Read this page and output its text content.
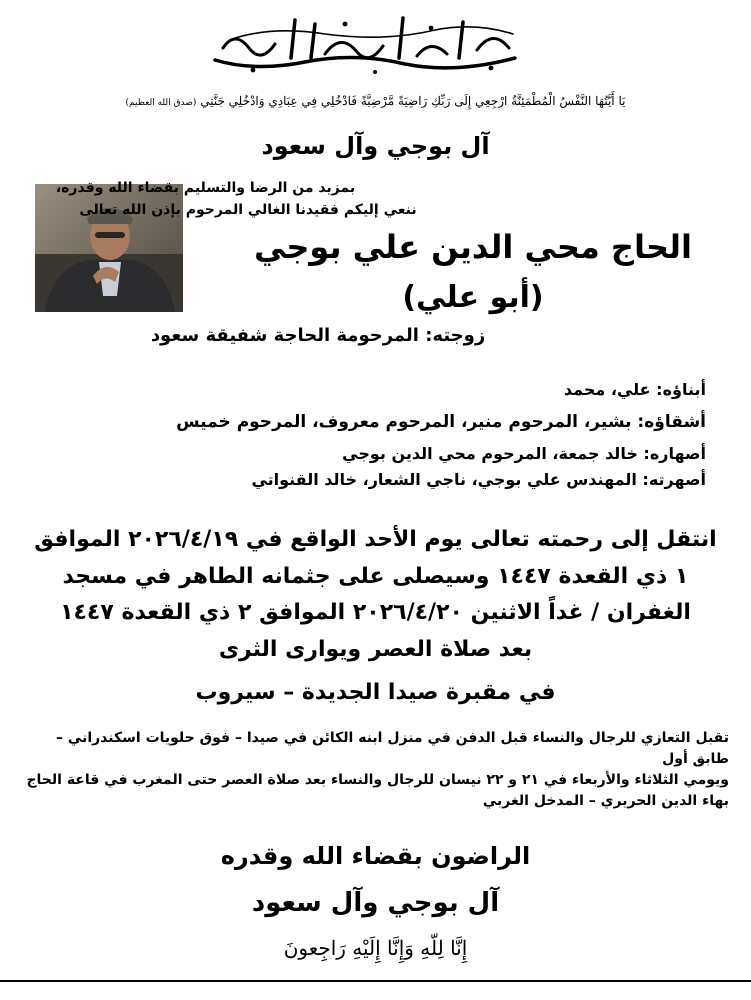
يَا أَيَّتُهَا النَّفْسُ الْمُطْمَئِنَّةُ ارْجِعِي إِلَى رَبِّكِ رَاضِيَةً مَّرْضِيَّةً فَادْخُلِي فِي عِبَادِي وَادْخُلِي جَنَّتِي (صدق الله العظيم)
آل بوجي وآل سعود
بمزيد من الرضا والتسليم بقضاء الله وقدره،
ننعي إليكم فقيدنا الغالي المرحوم بإذن الله تعالى
الحاج محي الدين علي بوجي
(أبو علي)
زوجته: المرحومة الحاجة شفيقة سعود
أبناؤه: علي، محمد
أشقاؤه: بشير، المرحوم منير، المرحوم معروف، المرحوم خميس
أصهاره: خالد جمعة، المرحوم محي الدين بوجي
أصهرته: المهندس علي بوجي، ناجي الشعار، خالد القنواتي
انتقل إلى رحمته تعالى يوم الأحد الواقع في ٢٠٢٦/٤/١٩ الموافق
١ ذي القعدة ١٤٤٧ وسيصلى على جثمانه الطاهر في مسجد
الغفران / غداً الاثنين ٢٠٢٦/٤/٢٠ الموافق ٢ ذي القعدة ١٤٤٧
بعد صلاة العصر ويوارى الثرى
في مقبرة صيدا الجديدة – سيروب

تقبل التعازي للرجال والنساء قبل الدفن في منزل ابنه الكائن في صيدا – فوق حلويات اسكندراني – طابق أول

ويومي الثلاثاء والأربعاء في ٢١ و ٢٢ نيسان للرجال والنساء بعد صلاة العصر حتى المغرب في قاعة الحاج بهاء الدين الحريري – المدخل الغربي

الراضون بقضاء الله وقدره
آل بوجي وآل سعود
إِنَّا لِلّهِ وَإِنَّا إِلَيْهِ رَاجِعونَ
